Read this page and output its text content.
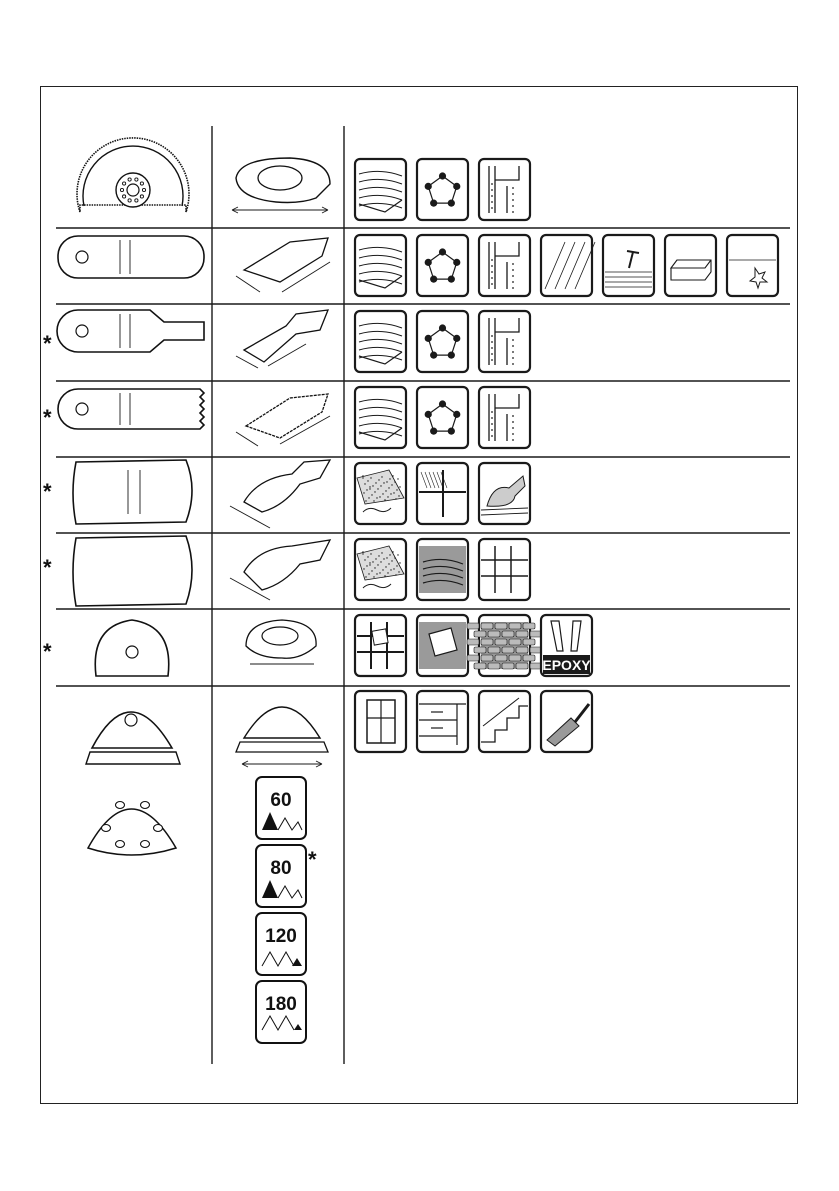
60
80
120
180
*
*
*
*
*
*
EPOXY
